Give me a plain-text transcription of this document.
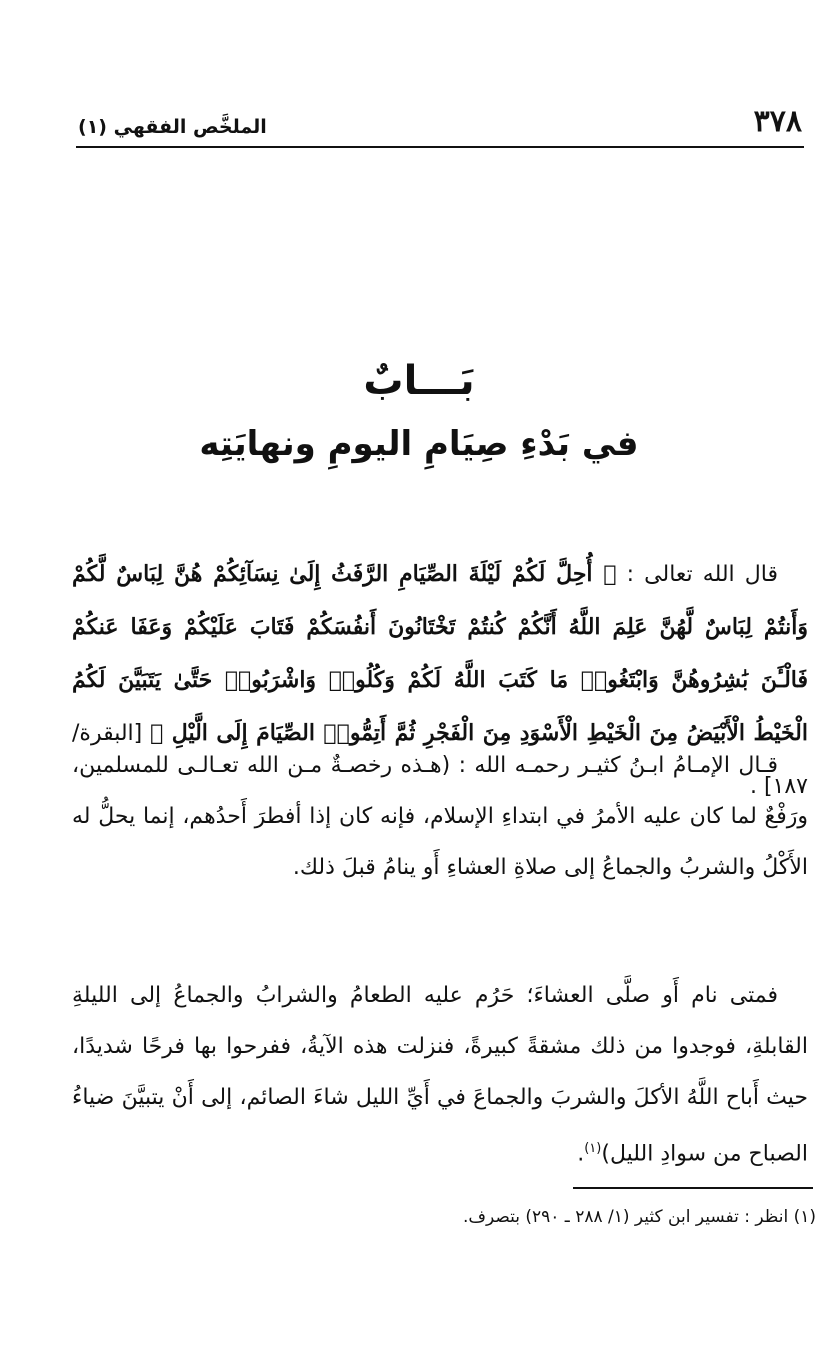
٣٧٨
الملخَّص الفقهي (١)
بَـــابٌ
في بَدْءِ صِيَامِ اليومِ ونهايَتِه

قال الله تعالى : ﴿ أُحِلَّ لَكُمْ لَيْلَةَ الصِّيَامِ الرَّفَثُ إِلَىٰ نِسَآئِكُمْ هُنَّ لِبَاسٌ لَّكُمْ وَأَنتُمْ لِبَاسٌ لَّهُنَّ عَلِمَ اللَّهُ أَنَّكُمْ كُنتُمْ تَخْتَانُونَ أَنفُسَكُمْ فَتَابَ عَلَيْكُمْ وَعَفَا عَنكُمْ فَالْـَٔنَ بَٰشِرُوهُنَّ وَابْتَغُوا۟ مَا كَتَبَ اللَّهُ لَكُمْ وَكُلُوا۟ وَاشْرَبُوا۟ حَتَّىٰ يَتَبَيَّنَ لَكُمُ الْخَيْطُ الْأَبْيَضُ مِنَ الْخَيْطِ الْأَسْوَدِ مِنَ الْفَجْرِ ثُمَّ أَتِمُّوا۟ الصِّيَامَ إِلَى الَّيْلِ ﴾ [البقرة/ ١٨٧] .

قـال الإمـامُ ابـنُ كثيـر رحمـه الله : (هـذه رخصـةٌ مـن الله تعـالـى للمسلمين، ورَفْعٌ لما كان عليه الأمرُ في ابتداءِ الإسلام، فإنه كان إذا أفطرَ أَحدُهم، إنما يحلُّ له الأَكْلُ والشربُ والجماعُ إلى صلاةِ العشاءِ أَو ينامُ قبلَ ذلك.

فمتى نام أَو صلَّى العشاءَ؛ حَرُم عليه الطعامُ والشرابُ والجماعُ إلى الليلةِ القابلةِ، فوجدوا من ذلك مشقةً كبيرةً، فنزلت هذه الآيةُ، ففرحوا بها فرحًا شديدًا، حيث أَباح اللَّهُ الأكلَ والشربَ والجماعَ في أَيِّ الليل شاءَ الصائم، إلى أَنْ يتبيَّنَ ضياءُ الصباح من سوادِ الليل)$^{(١)}$.

(١) انظر : تفسير ابن كثير (١/ ٢٨٨ ـ ٢٩٠) بتصرف.
